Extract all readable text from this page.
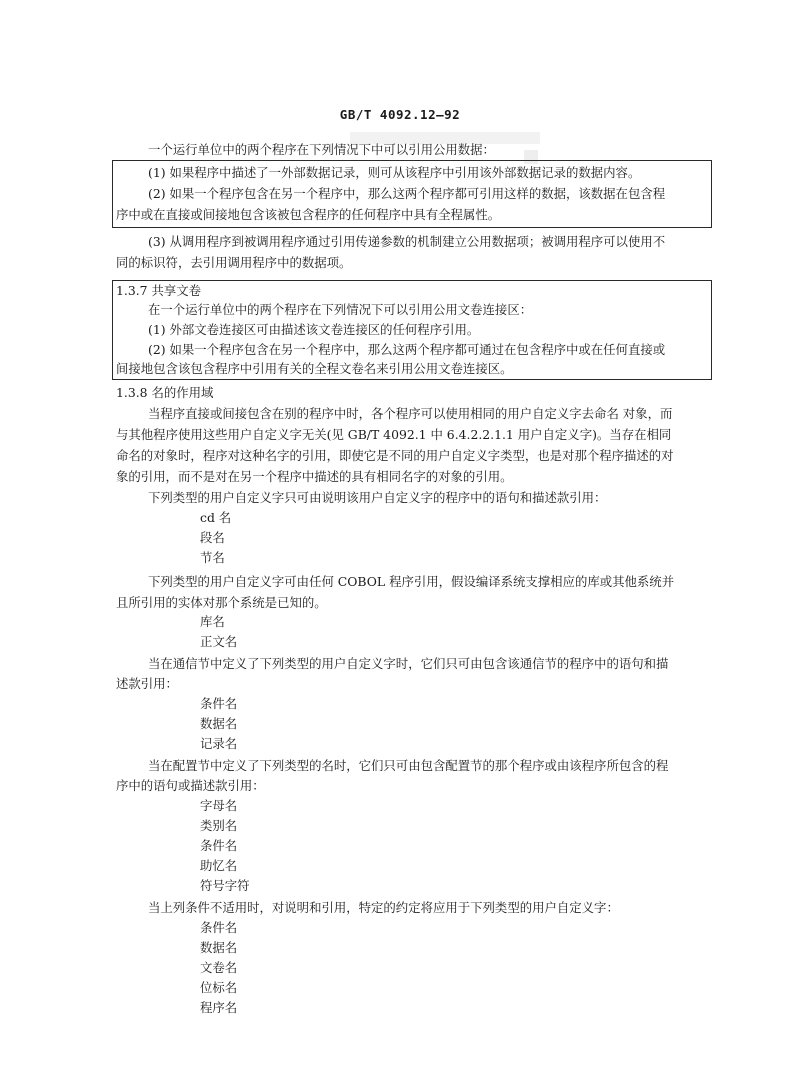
GB/T 4092.12—92
一个运行单位中的两个程序在下列情况下中可以引用公用数据：
(1) 如果程序中描述了一外部数据记录，则可从该程序中引用该外部数据记录的数据内容。
(2) 如果一个程序包含在另一个程序中，那么这两个程序都可引用这样的数据，该数据在包含程
序中或在直接或间接地包含该被包含程序的任何程序中具有全程属性。
(3) 从调用程序到被调用程序通过引用传递参数的机制建立公用数据项；被调用程序可以使用不
同的标识符，去引用调用程序中的数据项。
1.3.7 共享文卷
在一个运行单位中的两个程序在下列情况下可以引用公用文卷连接区：
(1) 外部文卷连接区可由描述该文卷连接区的任何程序引用。
(2) 如果一个程序包含在另一个程序中，那么这两个程序都可通过在包含程序中或在任何直接或
间接地包含该包含程序中引用有关的全程文卷名来引用公用文卷连接区。
1.3.8 名的作用域
当程序直接或间接包含在别的程序中时，各个程序可以使用相同的用户自定义字去命名 对象，而
与其他程序使用这些用户自定义字无关(见 GB/T 4092.1 中 6.4.2.2.1.1 用户自定义字)。当存在相同
命名的对象时，程序对这种名字的引用，即使它是不同的用户自定义字类型，也是对那个程序描述的对
象的引用，而不是对在另一个程序中描述的具有相同名字的对象的引用。
下列类型的用户自定义字只可由说明该用户自定义字的程序中的语句和描述款引用：
cd 名
段名
节名
下列类型的用户自定义字可由任何 COBOL 程序引用，假设编译系统支撑相应的库或其他系统并
且所引用的实体对那个系统是已知的。
库名
正文名
当在通信节中定义了下列类型的用户自定义字时，它们只可由包含该通信节的程序中的语句和描
述款引用：
条件名
数据名
记录名
当在配置节中定义了下列类型的名时，它们只可由包含配置节的那个程序或由该程序所包含的程
序中的语句或描述款引用：
字母名
类别名
条件名
助忆名
符号字符
当上列条件不适用时，对说明和引用，特定的约定将应用于下列类型的用户自定义字：
条件名
数据名
文卷名
位标名
程序名
